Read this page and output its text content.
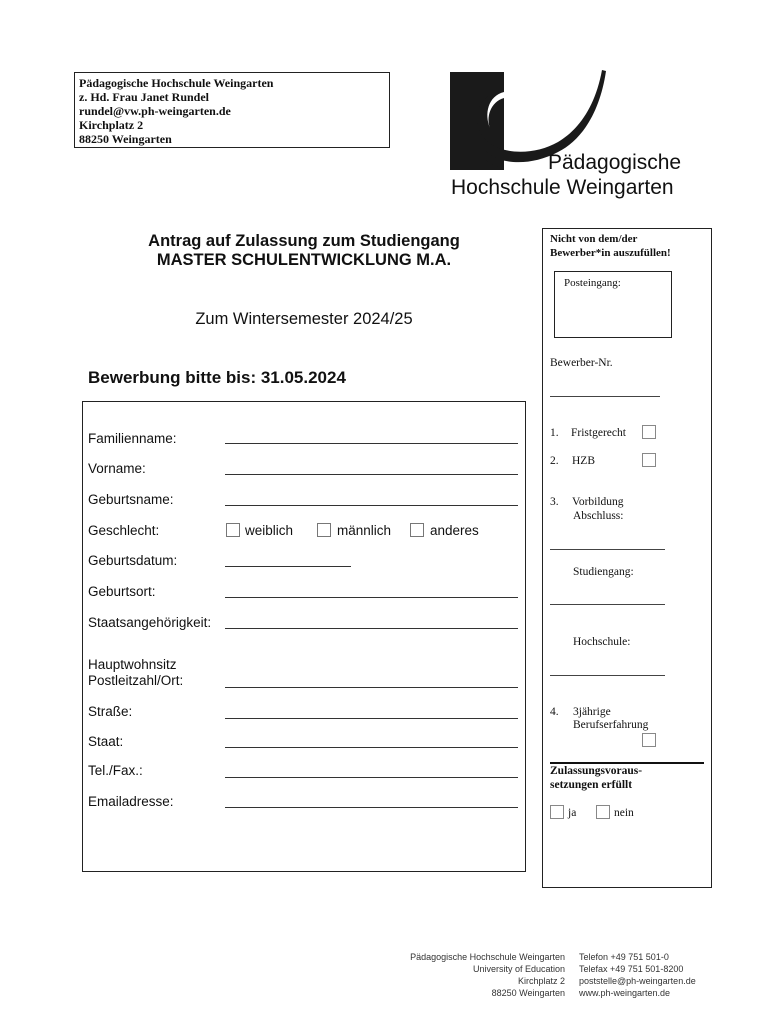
Pädagogische Hochschule Weingarten
z. Hd. Frau Janet Rundel
rundel@vw.ph-weingarten.de
Kirchplatz 2
88250 Weingarten
Pädagogische
Hochschule Weingarten
Antrag auf Zulassung zum Studiengang
MASTER SCHULENTWICKLUNG M.A.
Zum Wintersemester 2024/25
Bewerbung bitte bis: 31.05.2024
Familienname:
Vorname:
Geburtsname:
Geschlecht:	weiblich	männlich	anderes
Geburtsdatum:
Geburtsort:
Staatsangehörigkeit:
Hauptwohnsitz
Postleitzahl/Ort:
Straße:
Staat:
Tel./Fax.:
Emailadresse:
Nicht von dem/der
Bewerber*in auszufüllen!
Posteingang:
Bewerber-Nr.
1. Fristgerecht
2. HZB
3. Vorbildung
Abschluss:
Studiengang:
Hochschule:
4. 3jährige
Berufserfahrung
Zulassungsvoraus-
setzungen erfüllt
ja	nein
Pädagogische Hochschule Weingarten
University of Education
Kirchplatz 2
88250 Weingarten
Telefon +49 751 501-0
Telefax +49 751 501-8200
poststelle@ph-weingarten.de
www.ph-weingarten.de
